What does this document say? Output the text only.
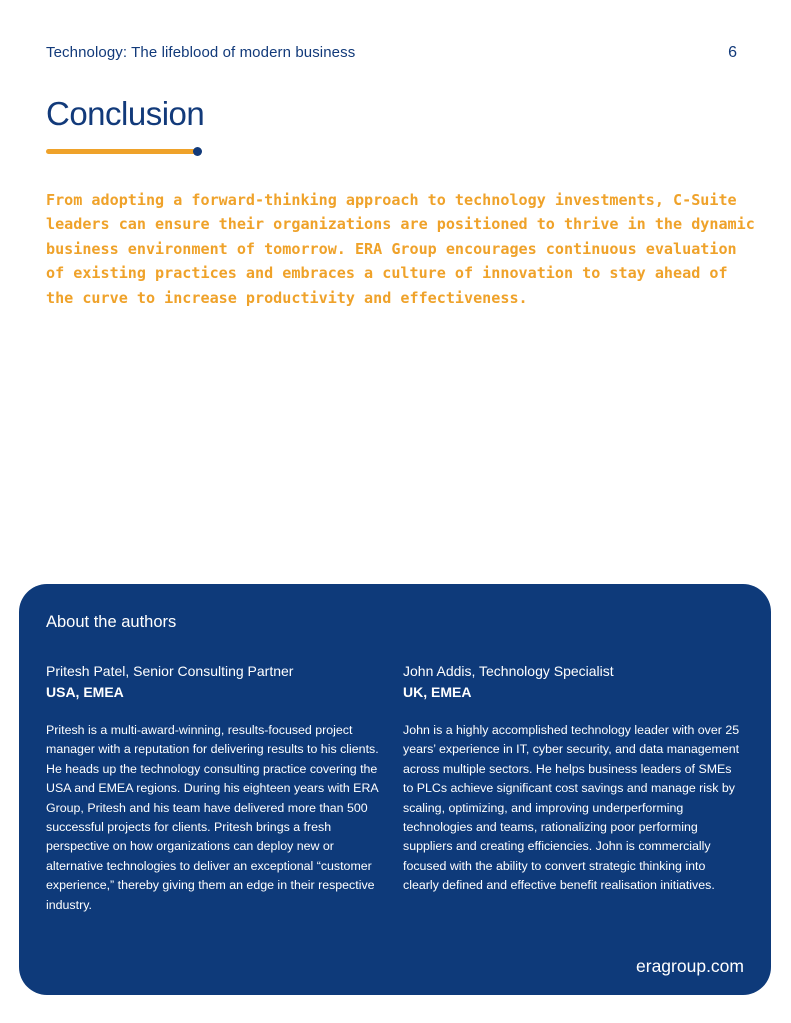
Technology: The lifeblood of modern business	6
Conclusion

From adopting a forward-thinking approach to technology investments, C-Suite leaders can ensure their organizations are positioned to thrive in the dynamic business environment of tomorrow. ERA Group encourages continuous evaluation of existing practices and embraces a culture of innovation to stay ahead of the curve to increase productivity and effectiveness.

About the authors

Pritesh Patel, Senior Consulting Partner

USA, EMEA

Pritesh is a multi-award-winning, results-focused project manager with a reputation for delivering results to his clients. He heads up the technology consulting practice covering the USA and EMEA regions. During his eighteen years with ERA Group, Pritesh and his team have delivered more than 500 successful projects for clients. Pritesh brings a fresh perspective on how organizations can deploy new or alternative technologies to deliver an exceptional “customer experience,” thereby giving them an edge in their respective industry.

John Addis, Technology Specialist

UK, EMEA

John is a highly accomplished technology leader with over 25 years’ experience in IT, cyber security, and data management across multiple sectors. He helps business leaders of SMEs to PLCs achieve significant cost savings and manage risk by scaling, optimizing, and improving underperforming technologies and teams, rationalizing poor performing suppliers and creating efficiencies. John is commercially focused with the ability to convert strategic thinking into clearly defined and effective benefit realisation initiatives.

eragroup.com
